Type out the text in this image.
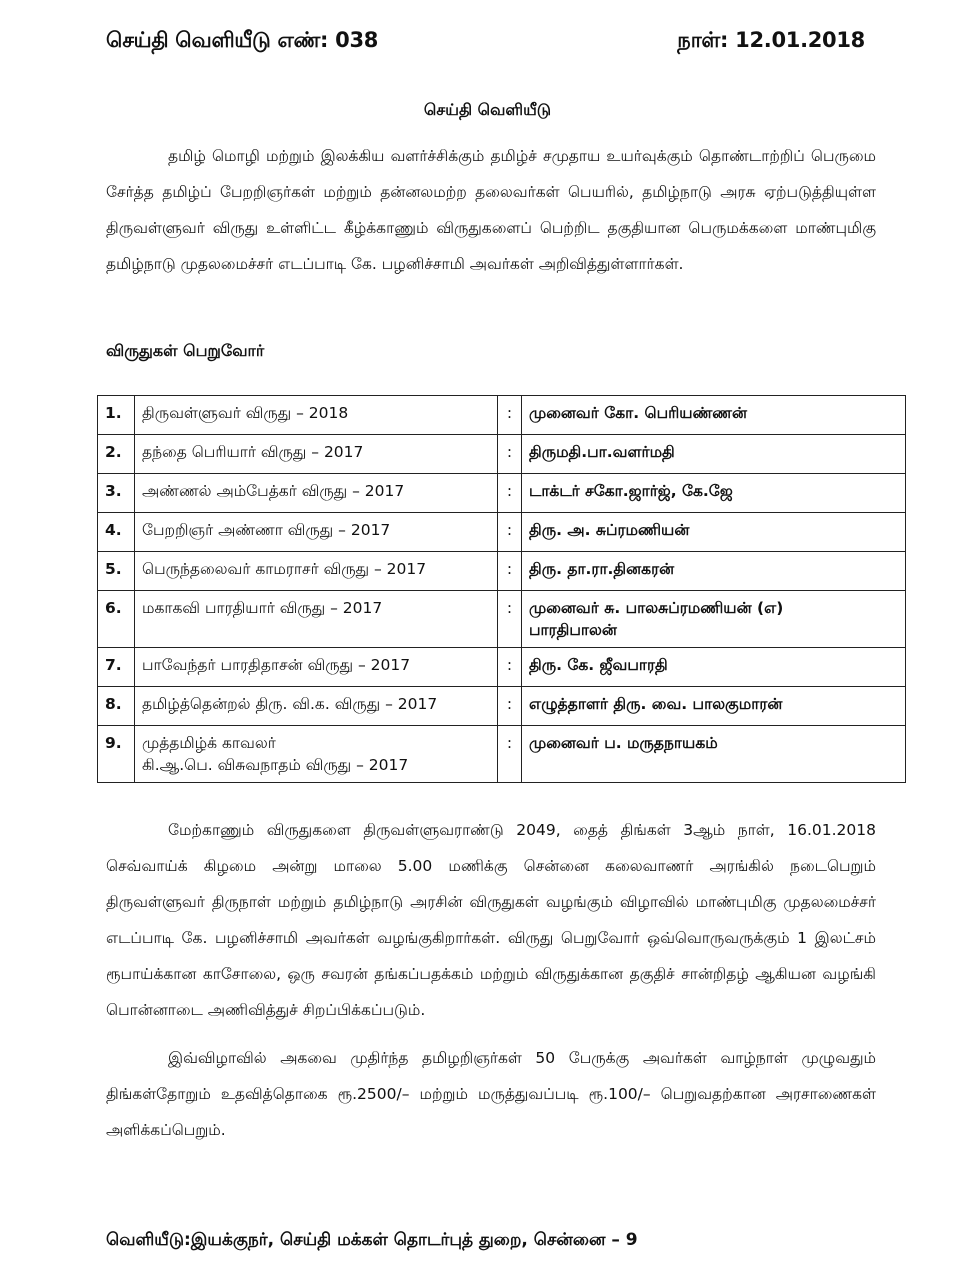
செய்தி வெளியீடு எண்: 038	நாள்: 12.01.2018
செய்தி வெளியீடு
தமிழ் மொழி மற்றும் இலக்கிய வளர்ச்சிக்கும் தமிழ்ச் சமுதாய உயர்வுக்கும் தொண்டாற்றிப் பெருமை சேர்த்த தமிழ்ப் பேறறிஞர்கள் மற்றும் தன்னலமற்ற தலைவர்கள் பெயரில், தமிழ்நாடு அரசு ஏற்படுத்தியுள்ள திருவள்ளுவர் விருது உள்ளிட்ட கீழ்க்காணும் விருதுகளைப் பெற்றிட தகுதியான பெருமக்களை மாண்புமிகு தமிழ்நாடு முதலமைச்சர் எடப்பாடி கே. பழனிச்சாமி அவர்கள் அறிவித்துள்ளார்கள்.
விருதுகள் பெறுவோர்
1.	திருவள்ளுவர் விருது – 2018	:	முனைவர் கோ. பெரியண்ணன்
2.	தந்தை பெரியார் விருது – 2017	:	திருமதி.பா.வளர்மதி
3.	அண்ணல் அம்பேத்கர் விருது – 2017	:	டாக்டர் சகோ.ஜார்ஜ், கே.ஜே
4.	பேறறிஞர் அண்ணா விருது – 2017	:	திரு. அ. சுப்ரமணியன்
5.	பெருந்தலைவர் காமராசர் விருது – 2017	:	திரு. தா.ரா.தினகரன்
6.	மகாகவி பாரதியார் விருது – 2017	:	முனைவர் சு. பாலசுப்ரமணியன் (எ)
பாரதிபாலன்

7.	பாவேந்தர் பாரதிதாசன் விருது – 2017	:	திரு. கே. ஜீவபாரதி
8.	தமிழ்த்தென்றல் திரு. வி.க. விருது – 2017	:	எழுத்தாளர் திரு. வை. பாலகுமாரன்
9.	முத்தமிழ்க் காவலர்
கி.ஆ.பெ. விசுவநாதம் விருது – 2017	:	முனைவர் ப. மருதநாயகம்
மேற்காணும் விருதுகளை திருவள்ளுவராண்டு 2049, தைத் திங்கள் 3ஆம் நாள், 16.01.2018 செவ்வாய்க் கிழமை அன்று மாலை 5.00 மணிக்கு சென்னை கலைவாணர் அரங்கில் நடைபெறும் திருவள்ளுவர் திருநாள் மற்றும் தமிழ்நாடு அரசின் விருதுகள் வழங்கும் விழாவில் மாண்புமிகு முதலமைச்சர் எடப்பாடி கே. பழனிச்சாமி அவர்கள் வழங்குகிறார்கள். விருது பெறுவோர் ஒவ்வொருவருக்கும் 1 இலட்சம் ரூபாய்க்கான காசோலை, ஒரு சவரன் தங்கப்பதக்கம் மற்றும் விருதுக்கான தகுதிச் சான்றிதழ் ஆகியன வழங்கி பொன்னாடை அணிவித்துச் சிறப்பிக்கப்படும்.
இவ்விழாவில் அகவை முதிர்ந்த தமிழறிஞர்கள் 50 பேருக்கு அவர்கள் வாழ்நாள் முழுவதும் திங்கள்தோறும் உதவித்தொகை ரூ.2500/– மற்றும் மருத்துவப்படி ரூ.100/– பெறுவதற்கான அரசாணைகள் அளிக்கப்பெறும்.
வெளியீடு:இயக்குநர், செய்தி மக்கள் தொடர்புத் துறை, சென்னை – 9
